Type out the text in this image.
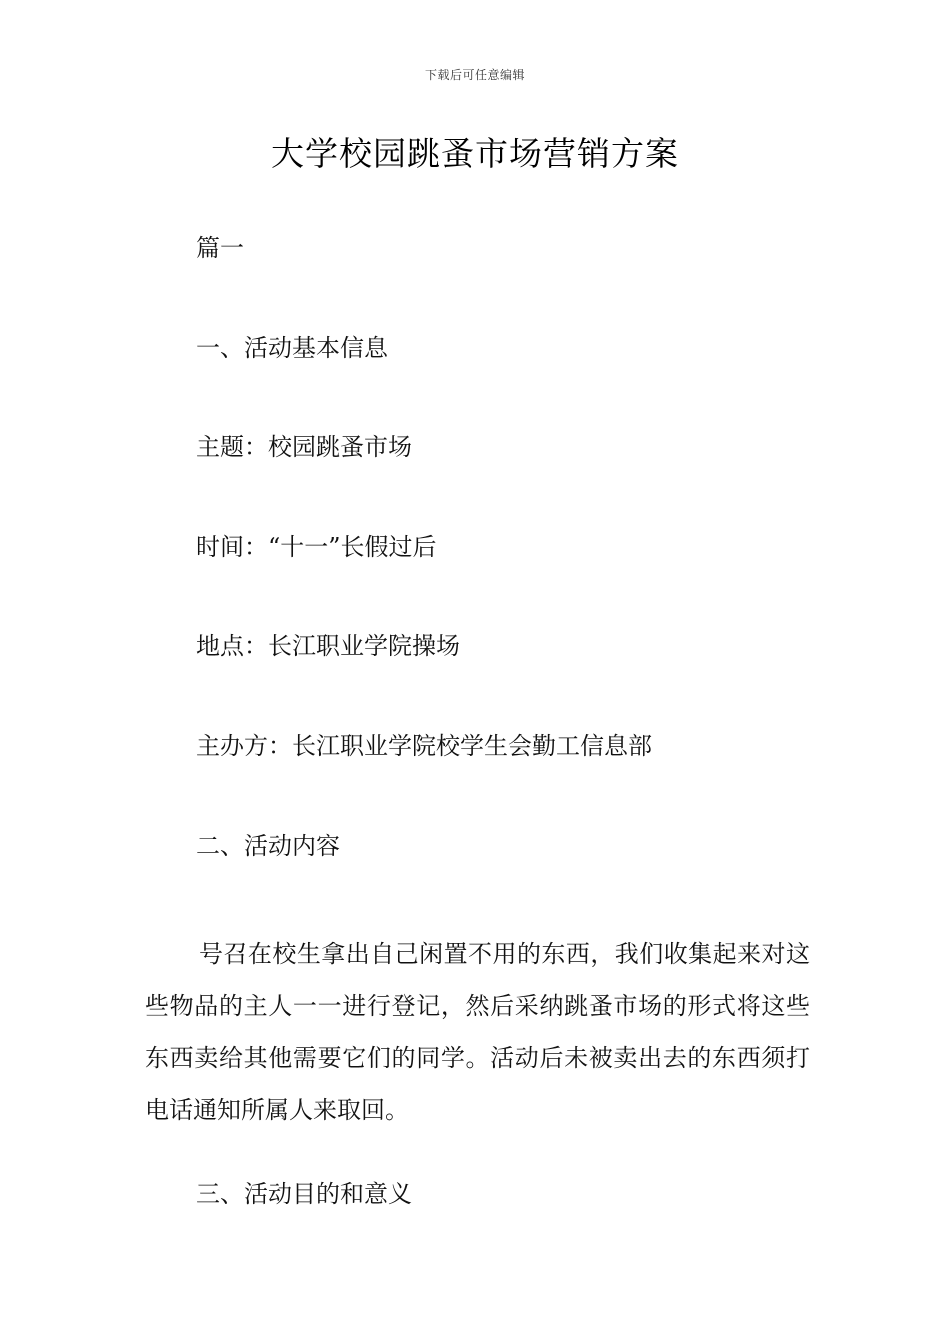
下载后可任意编辑
大学校园跳蚤市场营销方案
篇一
一、活动基本信息
主题：校园跳蚤市场
时间：“十一”长假过后
地点：长江职业学院操场
主办方：长江职业学院校学生会勤工信息部
二、活动内容

号召在校生拿出自己闲置不用的东西，我们收集起来对这些物品的主人一一进行登记，然后采纳跳蚤市场的形式将这些东西卖给其他需要它们的同学。活动后未被卖出去的东西须打电话通知所属人来取回。

三、活动目的和意义
